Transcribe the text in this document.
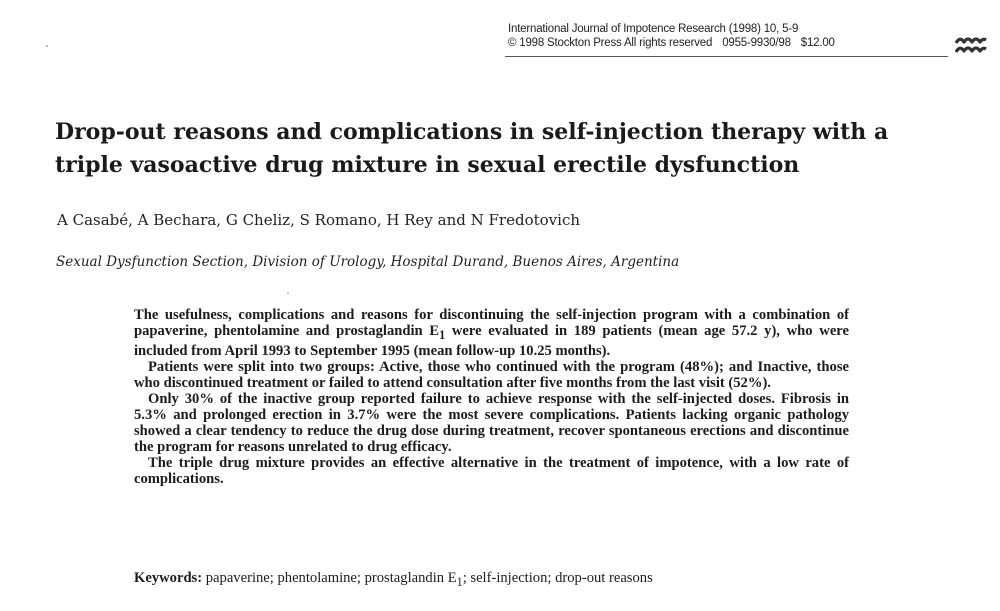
International Journal of Impotence Research (1998) 10, 5-9
© 1998 Stockton Press All rights reserved 0955-9930/98 $12.00
Drop-out reasons and complications in self-injection therapy with a
triple vasoactive drug mixture in sexual erectile dysfunction
A Casabé, A Bechara, G Cheliz, S Romano, H Rey and N Fredotovich
Sexual Dysfunction Section, Division of Urology, Hospital Durand, Buenos Aires, Argentina

The usefulness, complications and reasons for discontinuing the self-injection program with a combination of papaverine, phentolamine and prostaglandin $E_1$ were evaluated in 189 patients (mean age 57.2 y), who were included from April 1993 to September 1995 (mean follow-up 10.25 months).

Patients were split into two groups: Active, those who continued with the program (48%); and Inactive, those who discontinued treatment or failed to attend consultation after five months from the last visit (52%).

Only 30% of the inactive group reported failure to achieve response with the self-injected doses. Fibrosis in 5.3% and prolonged erection in 3.7% were the most severe complications. Patients lacking organic pathology showed a clear tendency to reduce the drug dose during treatment, recover spontaneous erections and discontinue the program for reasons unrelated to drug efficacy.

The triple drug mixture provides an effective alternative in the treatment of impotence, with a low rate of complications.

Keywords: papaverine; phentolamine; prostaglandin $E_1$; self-injection; drop-out reasons
